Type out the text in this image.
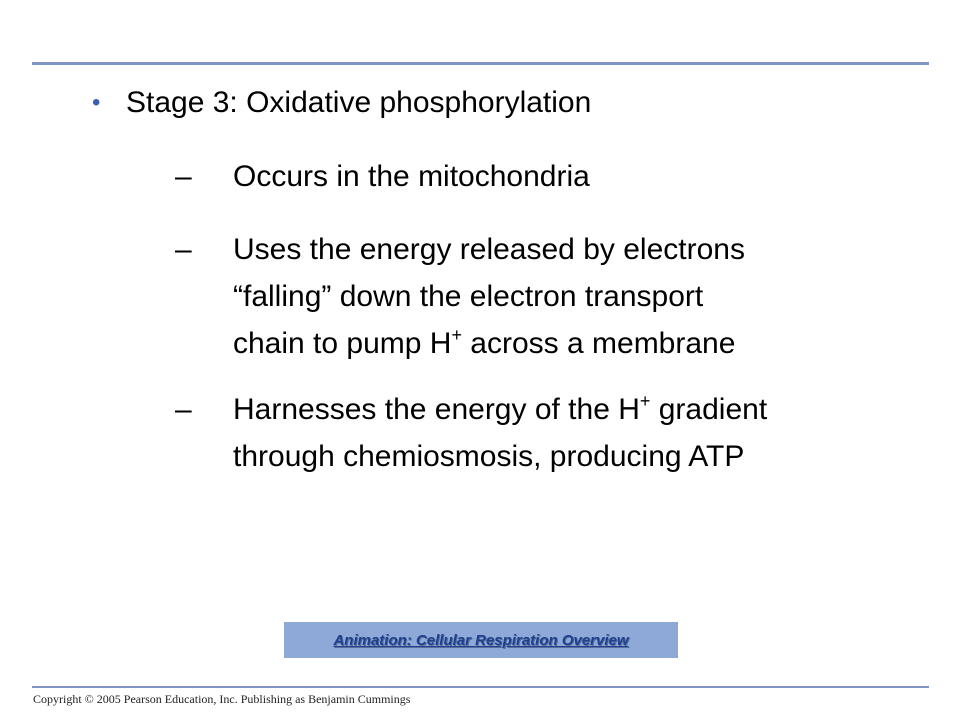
• Stage 3: Oxidative phosphorylation
–	Occurs in the mitochondria
–	Uses the energy released by electrons
“falling” down the electron transport
chain to pump H+ across a membrane
–	Harnesses the energy of the H+ gradient
through chemiosmosis, producing ATP
Animation: Cellular Respiration Overview
Copyright © 2005 Pearson Education, Inc. Publishing as Benjamin Cummings
